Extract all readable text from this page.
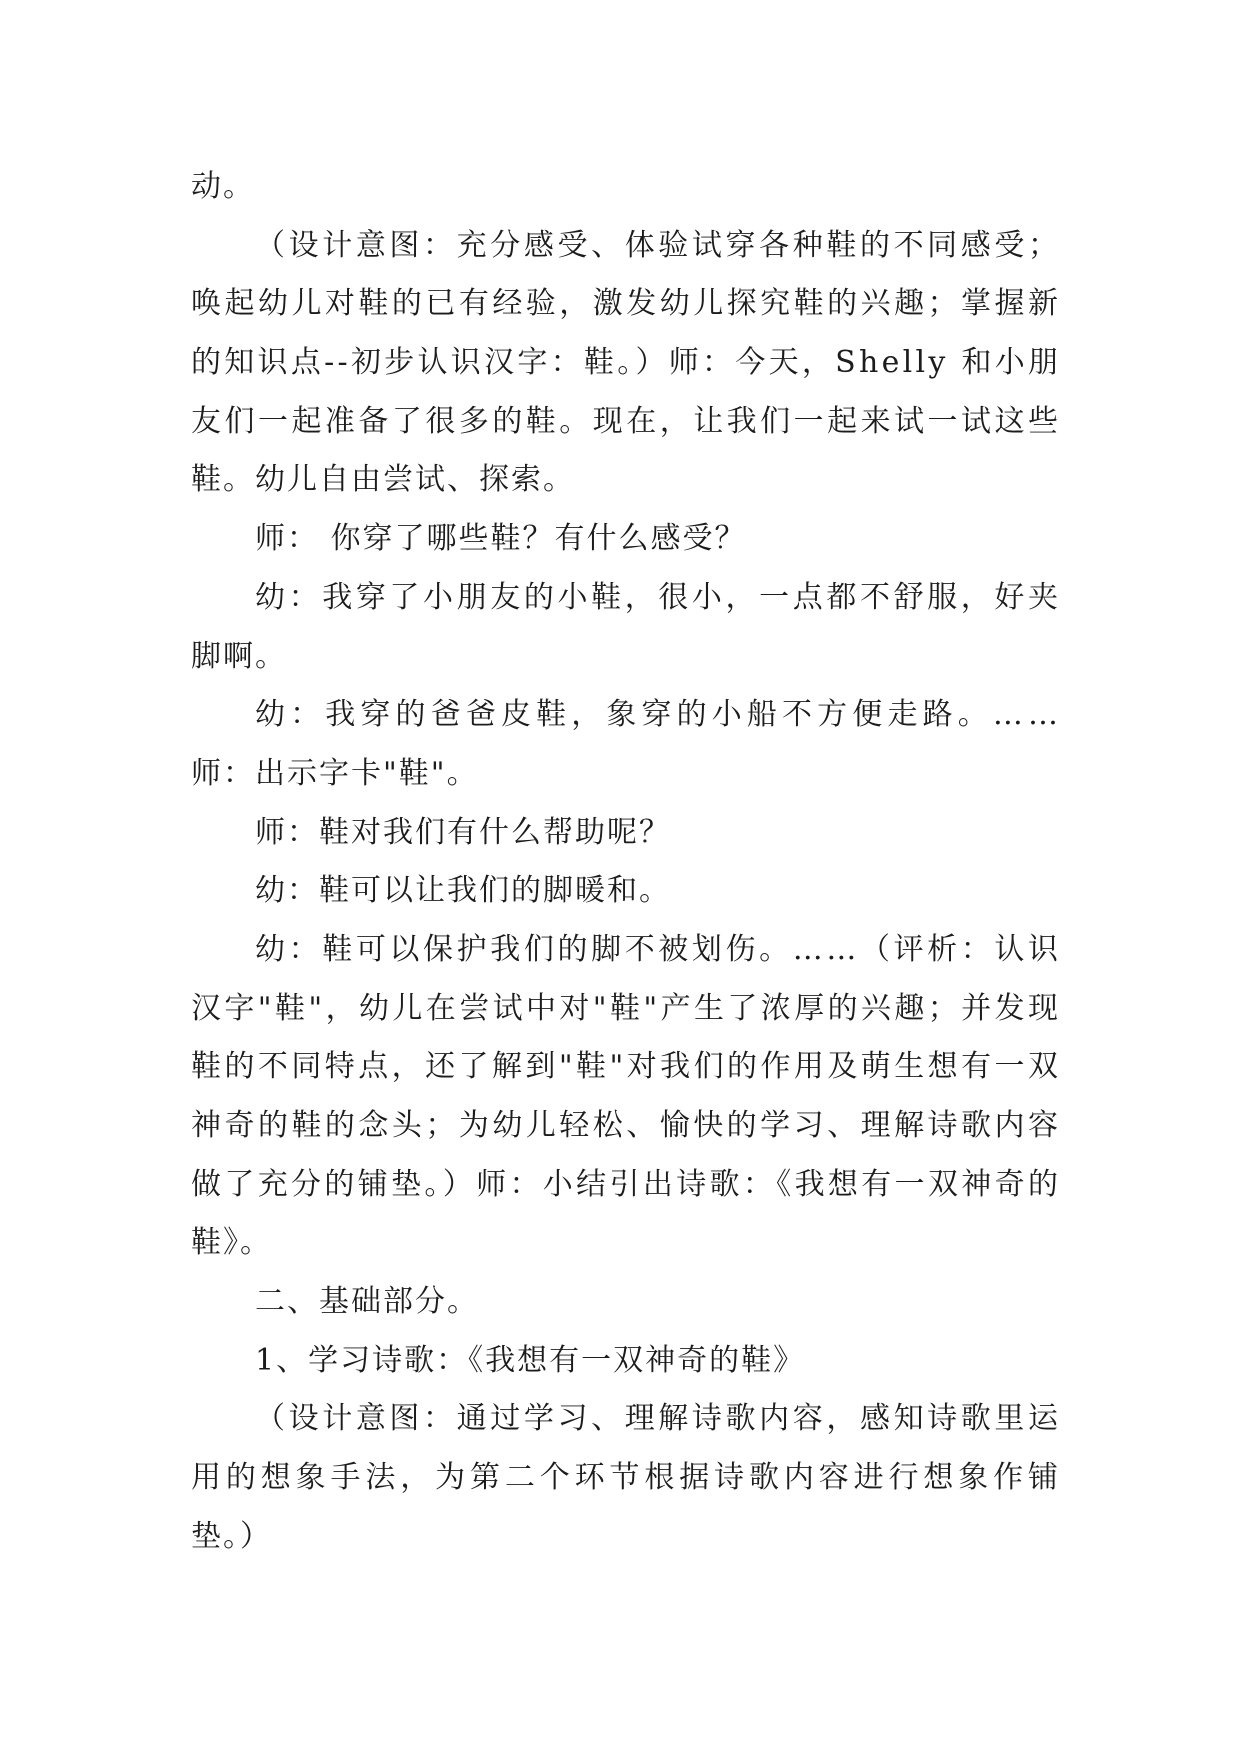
动。
（设计意图：充分感受、体验试穿各种鞋的不同感受；
唤起幼儿对鞋的已有经验，激发幼儿探究鞋的兴趣；掌握新
的知识点--初步认识汉字：鞋。）师：今天，Shelly 和小朋
友们一起准备了很多的鞋。现在，让我们一起来试一试这些
鞋。幼儿自由尝试、探索。
师： 你穿了哪些鞋？有什么感受？
幼：我穿了小朋友的小鞋，很小，一点都不舒服，好夹
脚啊。
幼：我穿的爸爸皮鞋，象穿的小船不方便走路。……
师：出示字卡"鞋"。
师：鞋对我们有什么帮助呢？
幼：鞋可以让我们的脚暖和。
幼：鞋可以保护我们的脚不被划伤。……（评析：认识
汉字"鞋"，幼儿在尝试中对"鞋"产生了浓厚的兴趣；并发现
鞋的不同特点，还了解到"鞋"对我们的作用及萌生想有一双
神奇的鞋的念头；为幼儿轻松、愉快的学习、理解诗歌内容
做了充分的铺垫。）师：小结引出诗歌：《我想有一双神奇的
鞋》。
二、基础部分。
1、学习诗歌：《我想有一双神奇的鞋》
（设计意图：通过学习、理解诗歌内容，感知诗歌里运
用的想象手法，为第二个环节根据诗歌内容进行想象作铺
垫。）
